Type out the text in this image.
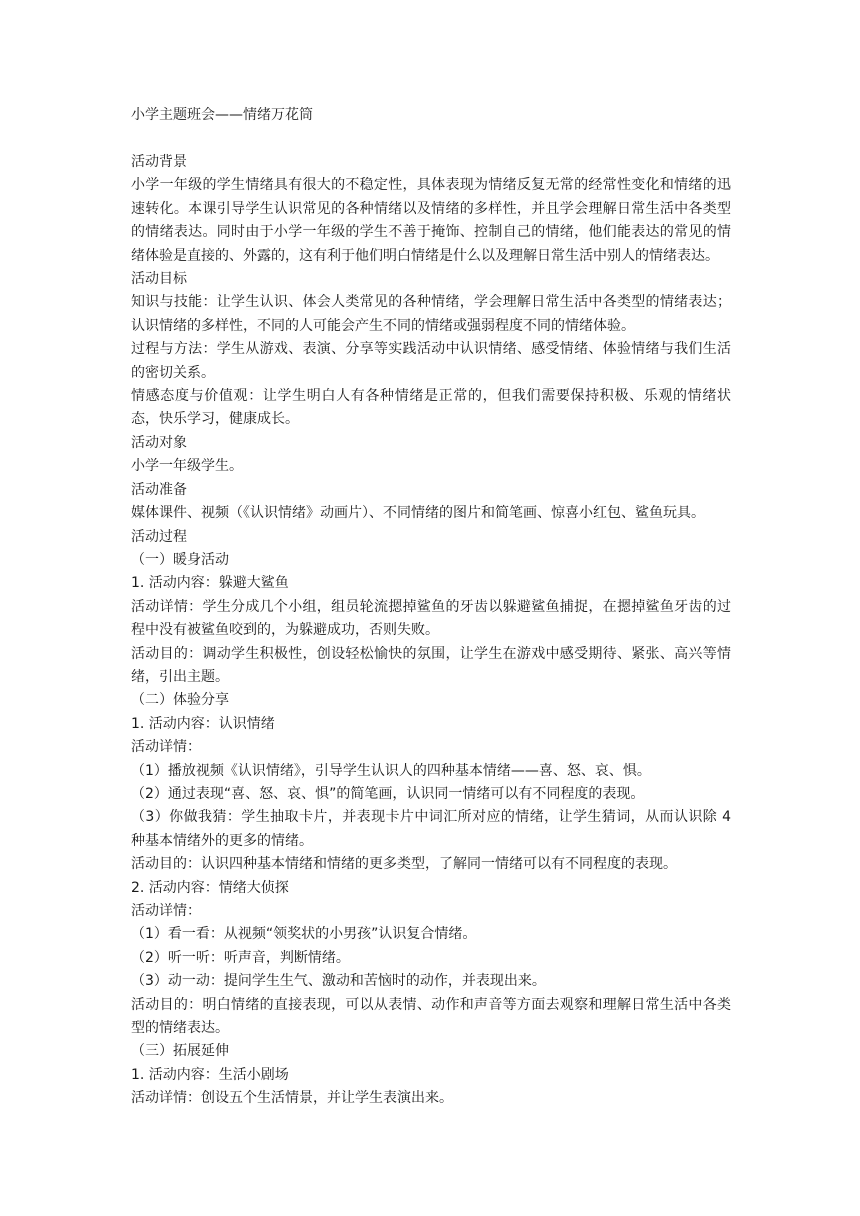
小学主题班会——情绪万花筒

活动背景

小学一年级的学生情绪具有很大的不稳定性，具体表现为情绪反复无常的经常性变化和情绪的迅速转化。本课引导学生认识常见的各种情绪以及情绪的多样性，并且学会理解日常生活中各类型的情绪表达。同时由于小学一年级的学生不善于掩饰、控制自己的情绪，他们能表达的常见的情绪体验是直接的、外露的，这有利于他们明白情绪是什么以及理解日常生活中别人的情绪表达。

活动目标

知识与技能：让学生认识、体会人类常见的各种情绪，学会理解日常生活中各类型的情绪表达；认识情绪的多样性，不同的人可能会产生不同的情绪或强弱程度不同的情绪体验。

过程与方法：学生从游戏、表演、分享等实践活动中认识情绪、感受情绪、体验情绪与我们生活的密切关系。

情感态度与价值观：让学生明白人有各种情绪是正常的，但我们需要保持积极、乐观的情绪状态，快乐学习，健康成长。

活动对象

小学一年级学生。

活动准备

媒体课件、视频（《认识情绪》动画片）、不同情绪的图片和简笔画、惊喜小红包、鲨鱼玩具。

活动过程

（一）暖身活动

1. 活动内容：躲避大鲨鱼

活动详情：学生分成几个小组，组员轮流摁掉鲨鱼的牙齿以躲避鲨鱼捕捉，在摁掉鲨鱼牙齿的过程中没有被鲨鱼咬到的，为躲避成功，否则失败。

活动目的：调动学生积极性，创设轻松愉快的氛围，让学生在游戏中感受期待、紧张、高兴等情绪，引出主题。

（二）体验分享

1. 活动内容：认识情绪

活动详情：

（1）播放视频《认识情绪》，引导学生认识人的四种基本情绪——喜、怒、哀、惧。

（2）通过表现“喜、怒、哀、惧”的简笔画，认识同一情绪可以有不同程度的表现。

（3）你做我猜：学生抽取卡片，并表现卡片中词汇所对应的情绪，让学生猜词，从而认识除 4 种基本情绪外的更多的情绪。

活动目的：认识四种基本情绪和情绪的更多类型，了解同一情绪可以有不同程度的表现。

2. 活动内容：情绪大侦探

活动详情：

（1）看一看：从视频“领奖状的小男孩”认识复合情绪。

（2）听一听：听声音，判断情绪。

（3）动一动：提问学生生气、激动和苦恼时的动作，并表现出来。

活动目的：明白情绪的直接表现，可以从表情、动作和声音等方面去观察和理解日常生活中各类型的情绪表达。

（三）拓展延伸

1. 活动内容：生活小剧场

活动详情：创设五个生活情景，并让学生表演出来。
